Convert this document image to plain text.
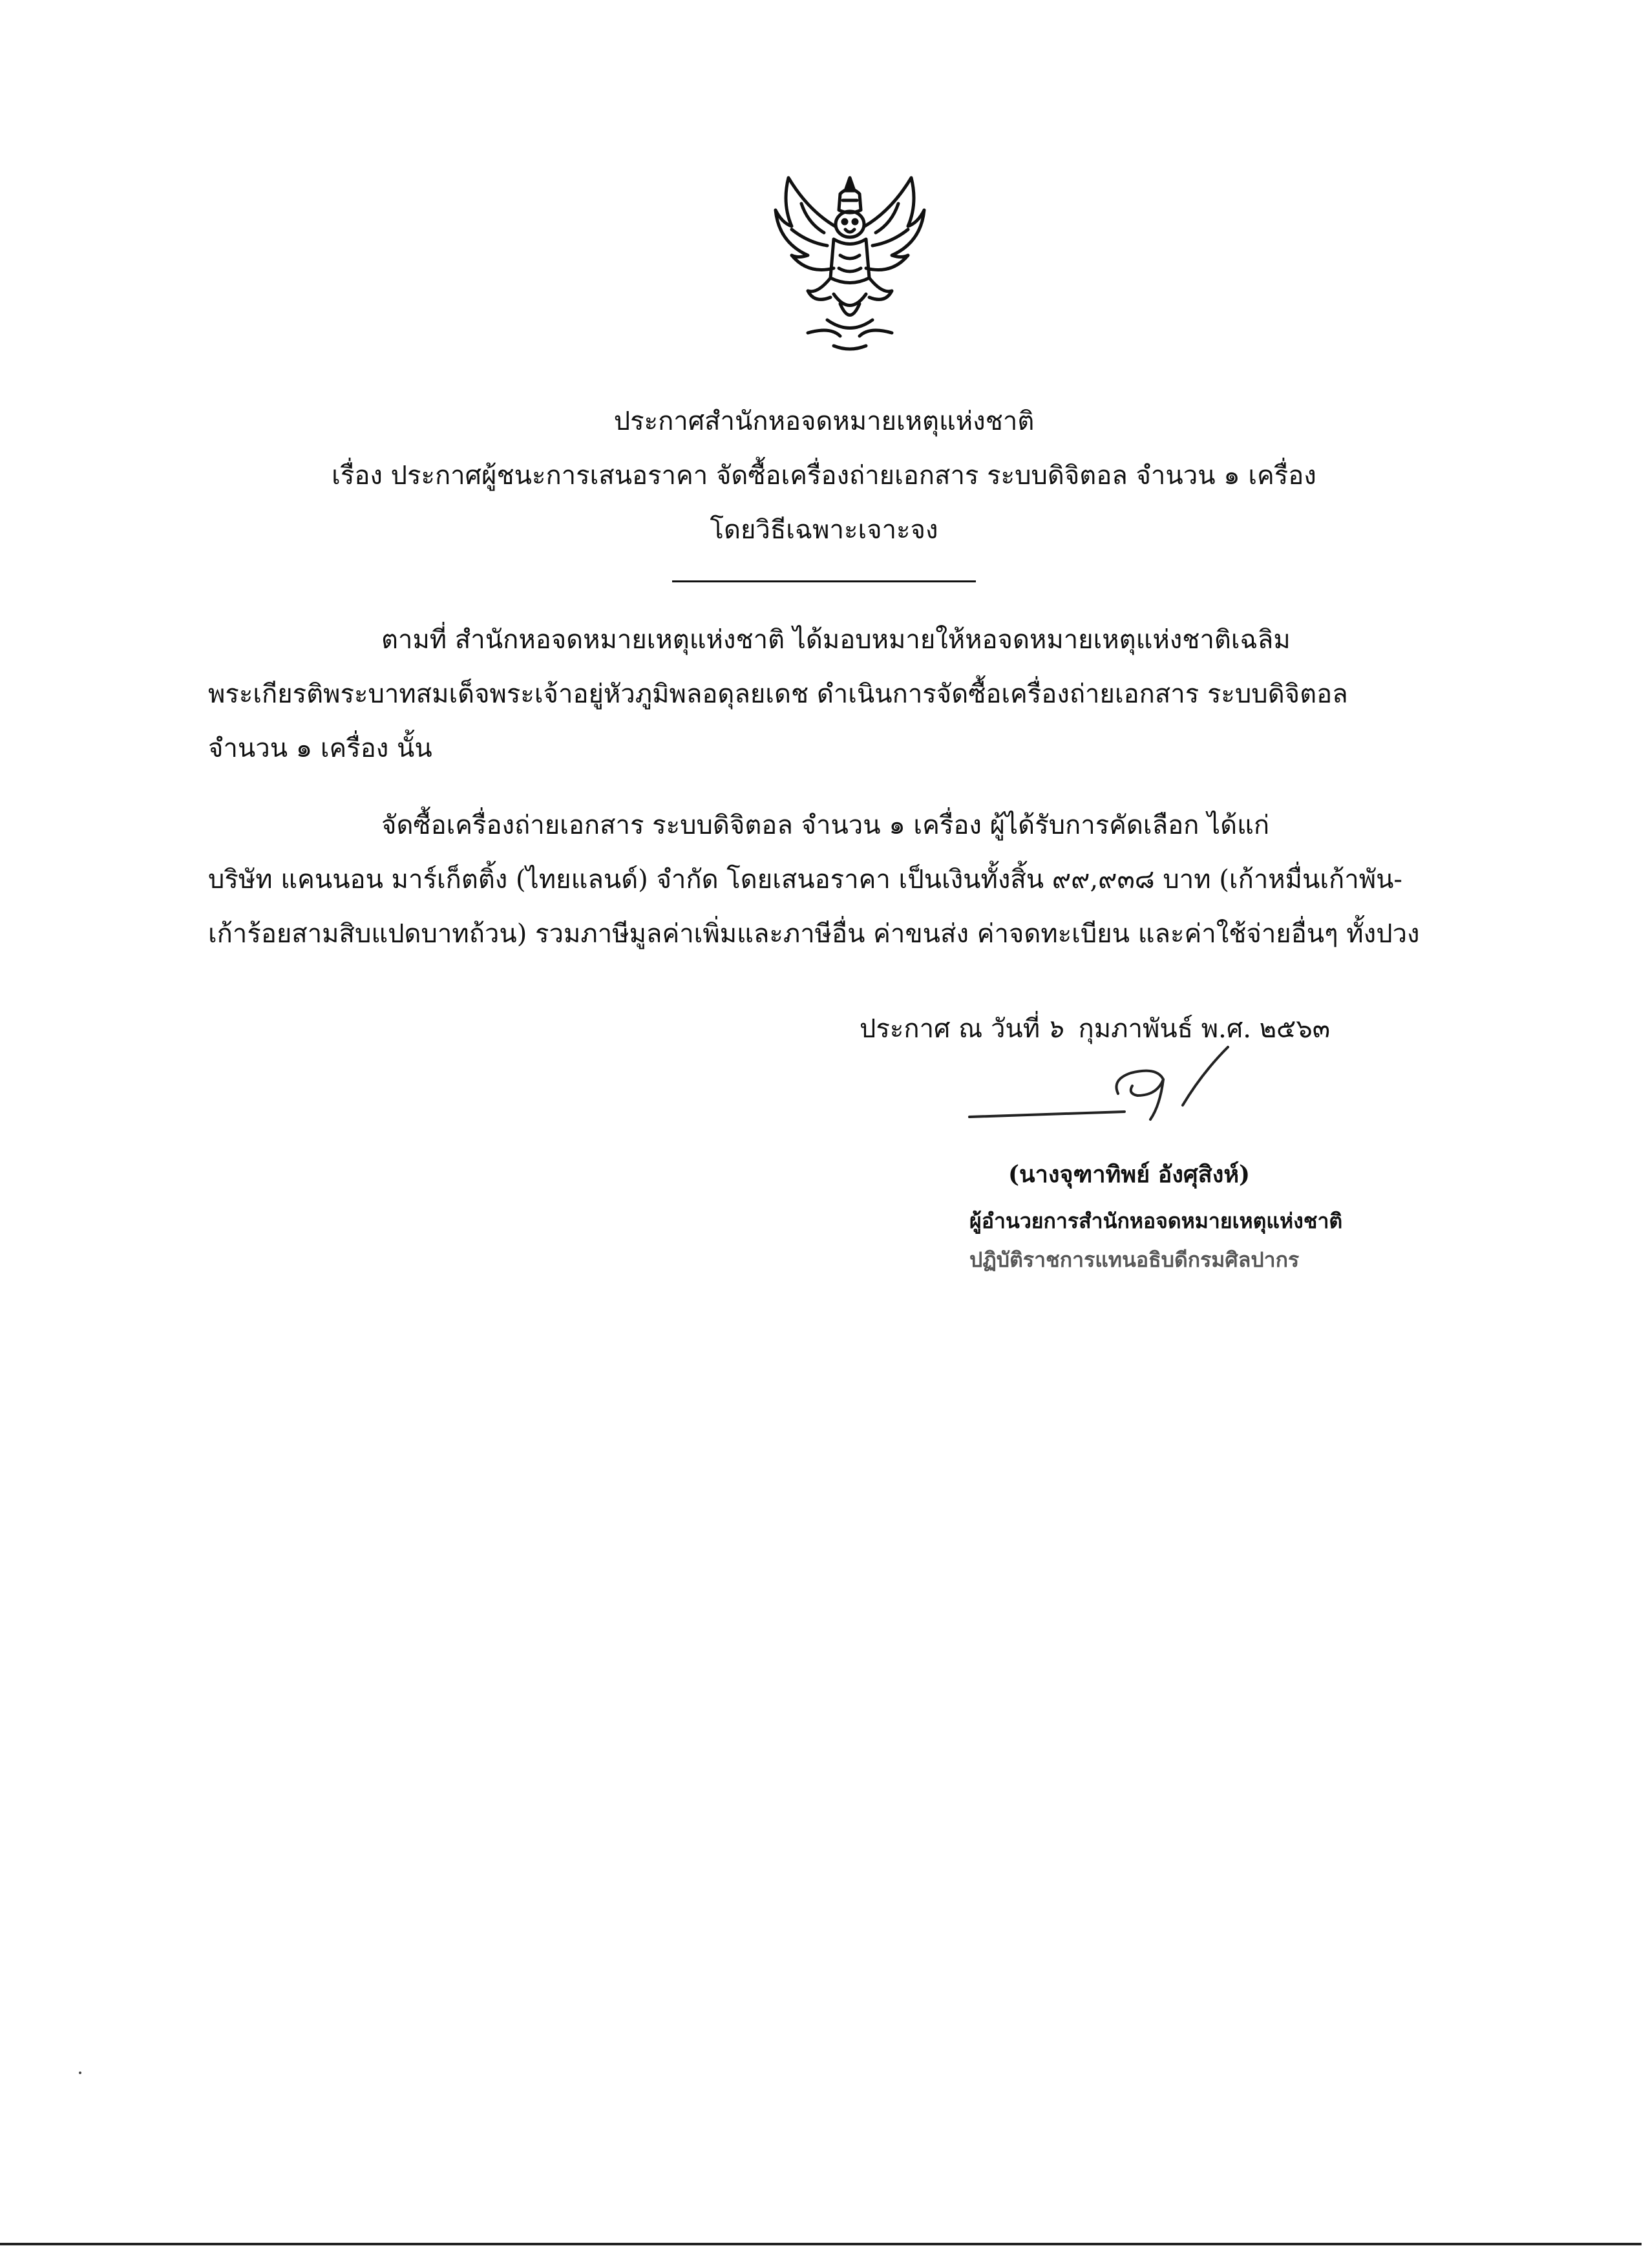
ประกาศสำนักหอจดหมายเหตุแห่งชาติ
เรื่อง ประกาศผู้ชนะการเสนอราคา จัดซื้อเครื่องถ่ายเอกสาร ระบบดิจิตอล จำนวน ๑ เครื่อง
โดยวิธีเฉพาะเจาะจง
ตามที่ สำนักหอจดหมายเหตุแห่งชาติ ได้มอบหมายให้หอจดหมายเหตุแห่งชาติเฉลิม
พระเกียรติพระบาทสมเด็จพระเจ้าอยู่หัวภูมิพลอดุลยเดช ดำเนินการจัดซื้อเครื่องถ่ายเอกสาร ระบบดิจิตอล
จำนวน ๑ เครื่อง นั้น
จัดซื้อเครื่องถ่ายเอกสาร ระบบดิจิตอล จำนวน ๑ เครื่อง ผู้ได้รับการคัดเลือก ได้แก่
บริษัท แคนนอน มาร์เก็ตติ้ง (ไทยแลนด์) จำกัด โดยเสนอราคา เป็นเงินทั้งสิ้น ๙๙,๙๓๘ บาท (เก้าหมื่นเก้าพัน-
เก้าร้อยสามสิบแปดบาทถ้วน) รวมภาษีมูลค่าเพิ่มและภาษีอื่น ค่าขนส่ง ค่าจดทะเบียน และค่าใช้จ่ายอื่นๆ ทั้งปวง
ประกาศ ณ วันที่ ๖ กุมภาพันธ์ พ.ศ. ๒๕๖๓
(นางจุฑาทิพย์ อังศุสิงห์)
ผู้อำนวยการสำนักหอจดหมายเหตุแห่งชาติ
ปฏิบัติราชการแทนอธิบดีกรมศิลปากร
